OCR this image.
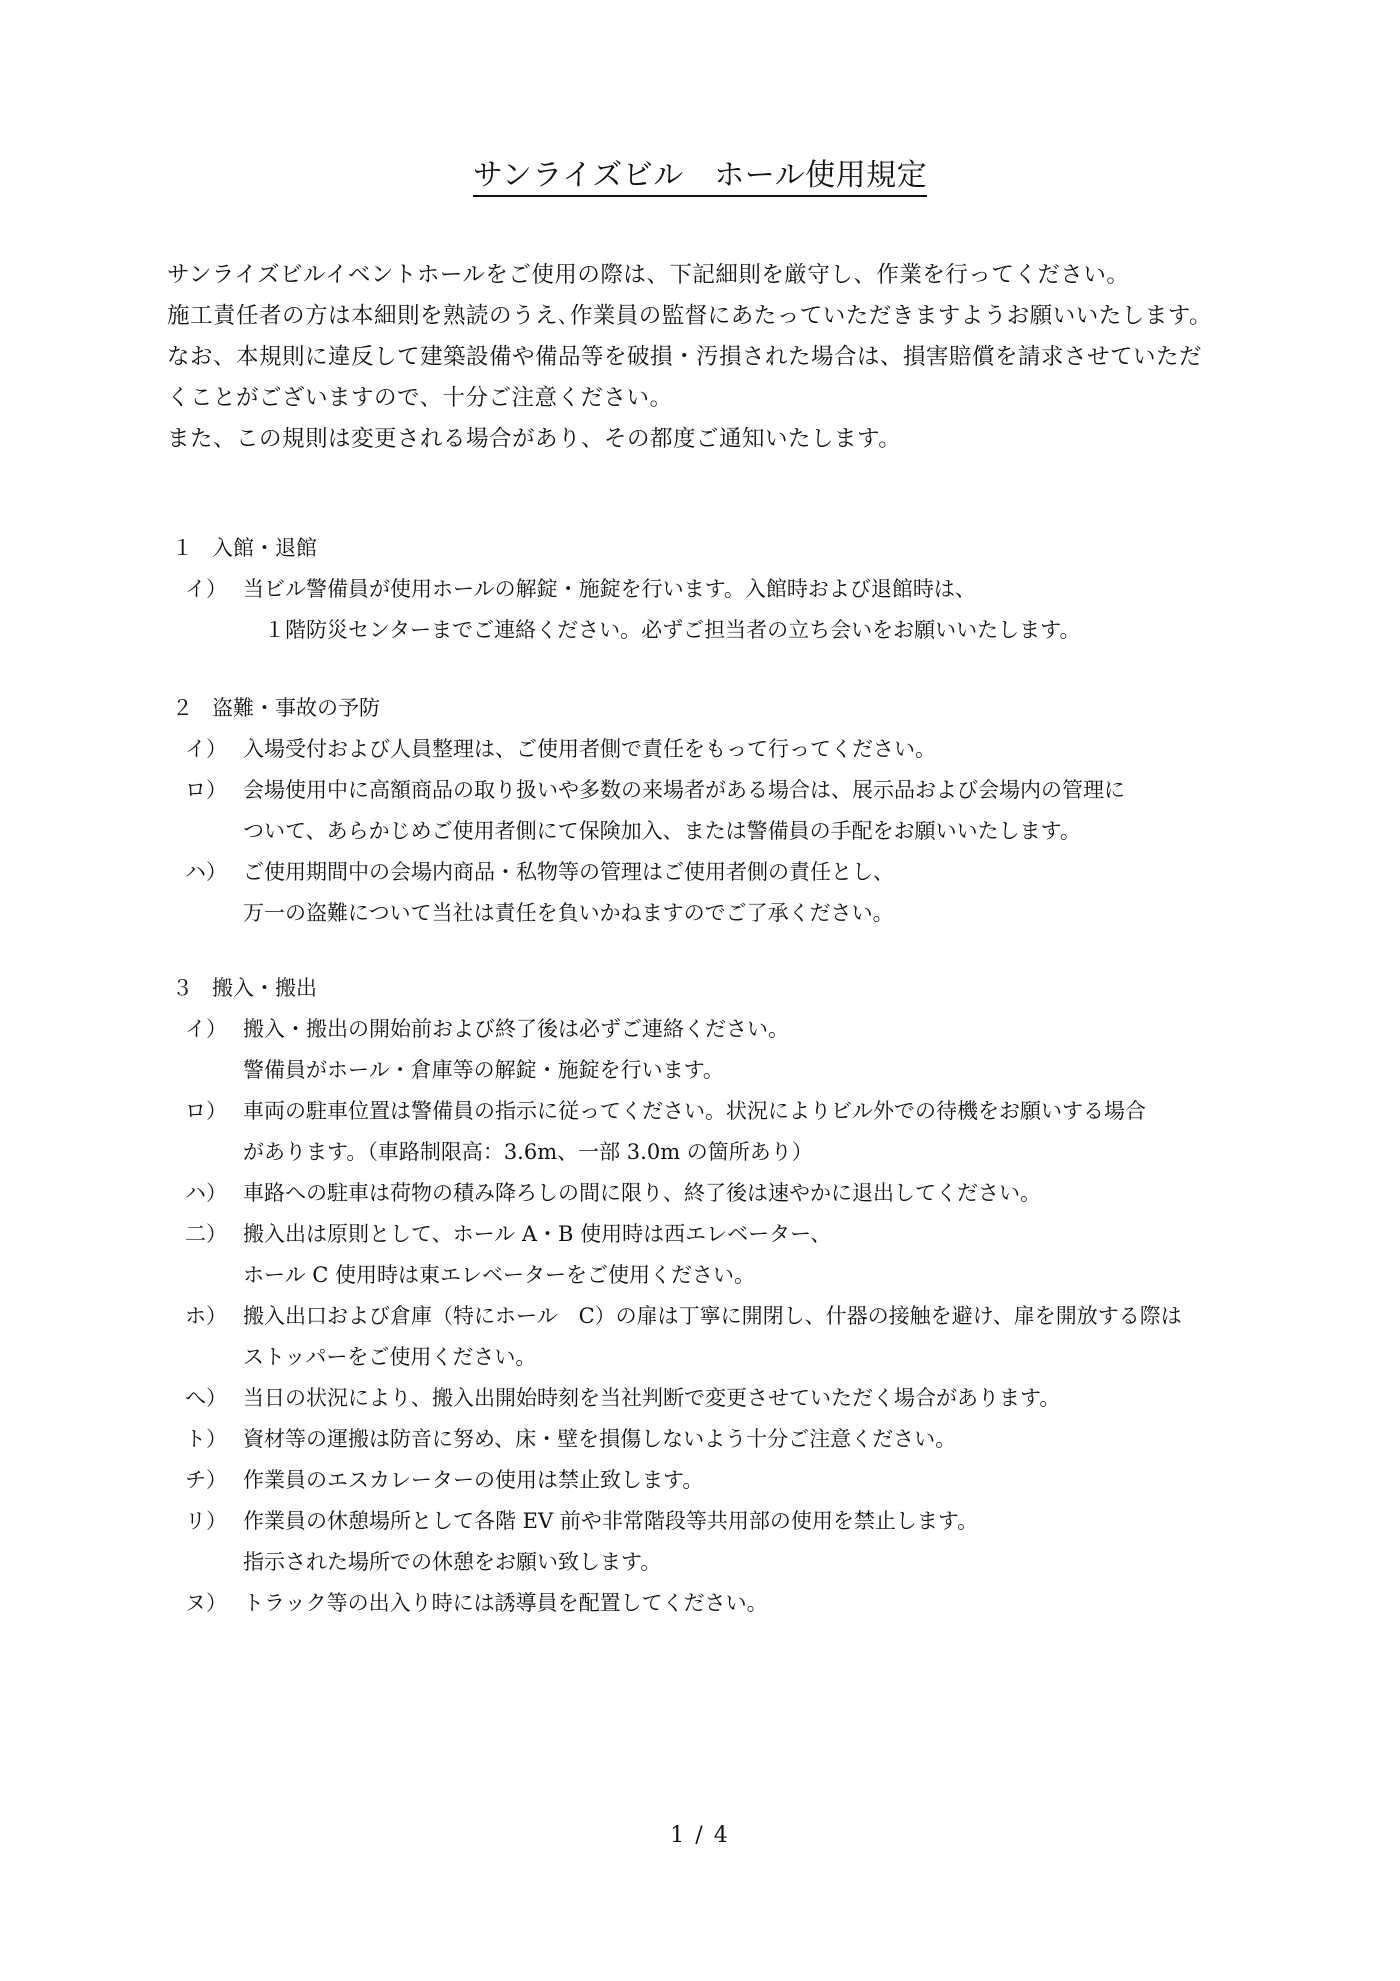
サンライズビル　ホール使用規定

サンライズビルイベントホールをご使用の際は、下記細則を厳守し、作業を行ってください。

施工責任者の方は本細則を熟読のうえ､作業員の監督にあたっていただきますようお願いいたします。

なお、本規則に違反して建築設備や備品等を破損・汚損された場合は、損害賠償を請求させていただ

くことがございますので、十分ご注意ください。

また、この規則は変更される場合があり、その都度ご通知いたします。

１ 入館・退館

イ） 当ビル警備員が使用ホールの解錠・施錠を行います。入館時および退館時は、
　１階防災センターまでご連絡ください。必ずご担当者の立ち会いをお願いいたします。

２ 盗難・事故の予防

イ） 入場受付および人員整理は、ご使用者側で責任をもって行ってください。
ロ） 会場使用中に高額商品の取り扱いや多数の来場者がある場合は、展示品および会場内の管理に
ついて、あらかじめご使用者側にて保険加入、または警備員の手配をお願いいたします。
ハ） ご使用期間中の会場内商品・私物等の管理はご使用者側の責任とし、
万一の盗難について当社は責任を負いかねますのでご了承ください。

３ 搬入・搬出

イ） 搬入・搬出の開始前および終了後は必ずご連絡ください。
警備員がホール・倉庫等の解錠・施錠を行います。
ロ） 車両の駐車位置は警備員の指示に従ってください。状況によりビル外での待機をお願いする場合
があります。（車路制限高：3.6m、一部 3.0m の箇所あり）
ハ） 車路への駐車は荷物の積み降ろしの間に限り、終了後は速やかに退出してください。
二） 搬入出は原則として、ホール A・B 使用時は西エレベーター、
ホール C 使用時は東エレベーターをご使用ください。
ホ） 搬入出口および倉庫（特にホール　C）の扉は丁寧に開閉し、什器の接触を避け、扉を開放する際は
ストッパーをご使用ください。
へ） 当日の状況により、搬入出開始時刻を当社判断で変更させていただく場合があります。
ト） 資材等の運搬は防音に努め、床・壁を損傷しないよう十分ご注意ください。
チ） 作業員のエスカレーターの使用は禁止致します。
リ） 作業員の休憩場所として各階 EV 前や非常階段等共用部の使用を禁止します。
指示された場所での休憩をお願い致します。
ヌ） トラック等の出入り時には誘導員を配置してください。
1 / 4
